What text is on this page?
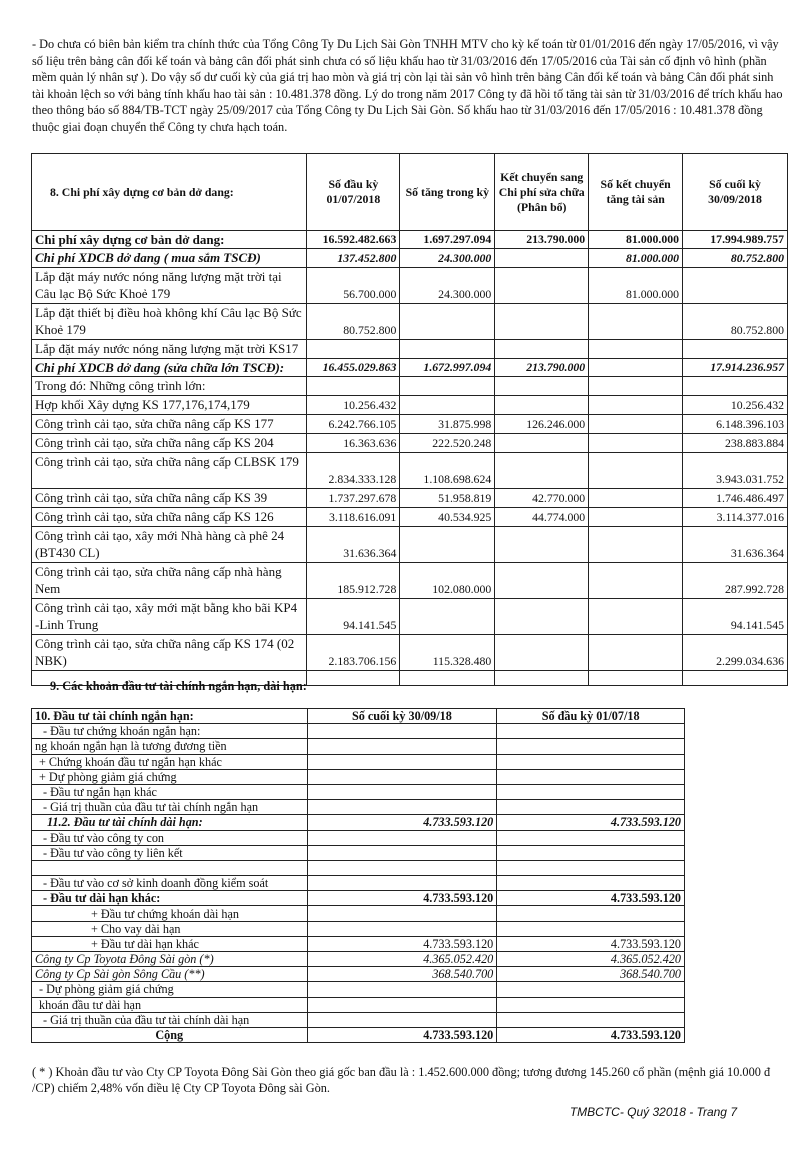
- Do chưa có biên bản kiểm tra chính thức của Tổng Công Ty Du Lịch Sài Gòn TNHH MTV cho kỳ kế toán từ 01/01/2016 đến ngày 17/05/2016, vì vậy số liệu trên bảng cân đối kế toán và bảng cân đối phát sinh chưa có số liệu khấu hao từ 31/03/2016 đến 17/05/2016 của Tài sản cố định vô hình (phần mềm quản lý nhân sự ). Do vậy số dư cuối kỳ của giá trị hao mòn và giá trị còn lại tài sản vô hình trên bảng Cân đối kế toán và bảng Cân đối phát sinh tài khoản lệch so với bảng tính khấu hao tài sản : 10.481.378 đồng. Lý do trong năm 2017 Công ty đã hồi tố tăng tài sản từ 31/03/2016 để trích khấu hao theo thông báo số 884/TB-TCT ngày 25/09/2017 của Tổng Công ty Du Lịch Sài Gòn. Số khấu hao từ 31/03/2016 đến 17/05/2016 : 10.481.378 đồng thuộc giai đoạn chuyển thể Công ty chưa hạch toán.

8. Chi phí xây dựng cơ bản dở dang:	Số đầu kỳ 01/07/2018	Số tăng trong kỳ	Kết chuyển sang Chi phí sửa chữa (Phân bổ)	Số kết chuyển tăng tài sản	Số cuối kỳ 30/09/2018
Chi phí xây dựng cơ bản dở dang:	16.592.482.663	1.697.297.094	213.790.000	81.000.000	17.994.989.757
Chi phí XDCB dở dang ( mua sắm TSCĐ)	137.452.800	24.300.000		81.000.000	80.752.800
Lắp đặt máy nước nóng năng lượng mặt trời tại Câu lạc Bộ Sức Khoẻ 179	56.700.000	24.300.000		81.000.000	
Lắp đặt thiết bị điều hoà không khí Câu lạc Bộ Sức Khoẻ 179	80.752.800				80.752.800
Lắp đặt máy nước nóng năng lượng mặt trời KS17					
Chi phí XDCB dở dang (sửa chữa lớn TSCĐ):	16.455.029.863	1.672.997.094	213.790.000		17.914.236.957
Trong đó: Những công trình lớn:					
Hợp khối Xây dựng KS 177,176,174,179	10.256.432				10.256.432
Công trình cải tạo, sửa chữa nâng cấp KS 177	6.242.766.105	31.875.998	126.246.000		6.148.396.103
Công trình cải tạo, sửa chữa nâng cấp KS 204	16.363.636	222.520.248			238.883.884
Công trình cải tạo, sửa chữa nâng cấp CLBSK 179	2.834.333.128	1.108.698.624			3.943.031.752
Công trình cải tạo, sửa chữa nâng cấp KS 39	1.737.297.678	51.958.819	42.770.000		1.746.486.497
Công trình cải tạo, sửa chữa nâng cấp KS 126	3.118.616.091	40.534.925	44.774.000		3.114.377.016
Công trình cải tạo, xây mới Nhà hàng cà phê 24 (BT430 CL)	31.636.364				31.636.364
Công trình cải tạo, sửa chữa nâng cấp nhà hàng Nem	185.912.728	102.080.000			287.992.728
Công trình cải tạo, xây mới mặt bằng kho bãi KP4 -Linh Trung	94.141.545				94.141.545
Công trình cải tạo, sửa chữa nâng cấp KS 174 (02 NBK)	2.183.706.156	115.328.480			2.299.034.636

9. Các khoản đầu tư tài chính ngắn hạn, dài hạn:
10. Đầu tư tài chính ngắn hạn:	Số cuối kỳ 30/09/18	Số đầu kỳ 01/07/18
- Đầu tư chứng khoán ngắn hạn:		
ng khoán ngắn hạn là tương đương tiền		
+ Chứng khoán đầu tư ngắn hạn khác		
+ Dự phòng giảm giá chứng		
- Đầu tư ngắn hạn khác		
- Giá trị thuần của đầu tư tài chính ngắn hạn		
11.2. Đầu tư tài chính dài hạn:	4.733.593.120	4.733.593.120
- Đầu tư vào công ty con		
- Đầu tư vào công ty liên kết		

- Đầu tư vào cơ sở kinh doanh đồng kiểm soát		
- Đầu tư dài hạn khác:	4.733.593.120	4.733.593.120
+ Đầu tư chứng khoán dài hạn		
+ Cho vay dài hạn		
+ Đầu tư dài hạn khác	4.733.593.120	4.733.593.120
Công ty Cp Toyota Đông Sài gòn (*)	4.365.052.420	4.365.052.420
Công ty Cp Sài gòn Sông Cầu (**)	368.540.700	368.540.700
- Dự phòng giảm giá chứng		
khoán đầu tư dài hạn		
- Giá trị thuần của đầu tư tài chính dài hạn		
Cộng	4.733.593.120	4.733.593.120
( * ) Khoản đầu tư vào Cty CP Toyota Đông Sài Gòn theo giá gốc ban đầu là : 1.452.600.000 đồng; tương đương 145.260 cổ phần (mệnh giá 10.000 đ /CP) chiếm 2,48% vốn điều lệ Cty CP Toyota Đông sài Gòn.
TMBCTC- Quý 32018 - Trang 7
